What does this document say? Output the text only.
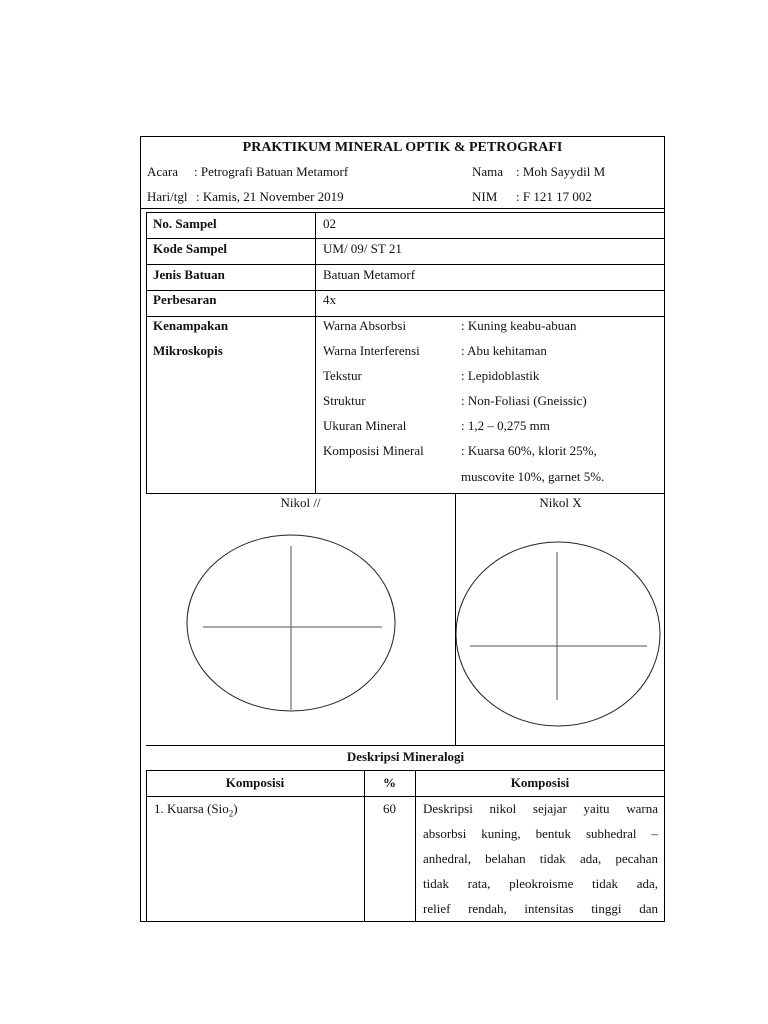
PRAKTIKUM MINERAL OPTIK & PETROGRAFI
Acara : Petrografi Batuan Metamorf	Nama : Moh Sayydil M
Hari/tgl : Kamis, 21 November 2019	NIM : F 121 17 002
No. Sampel	02
Kode Sampel	UM/ 09/ ST 21
Jenis Batuan	Batuan Metamorf
Perbesaran	4x
Kenampakan
Mikroskopis
Warna Absorbsi	: Kuning keabu-abuan
Warna Interferensi	: Abu kehitaman
Tekstur	: Lepidoblastik
Struktur	: Non-Foliasi (Gneissic)
Ukuran Mineral	: 1,2 – 0,275 mm
Komposisi Mineral	: Kuarsa 60%, klorit 25%,
muscovite 10%, garnet 5%.
Nikol //	Nikol X
Deskripsi Mineralogi
Komposisi	%	Komposisi
1. Kuarsa (Sio$_2$)	60	Deskripsi nikol sejajar yaitu warna
absorbsi kuning, bentuk subhedral –
anhedral, belahan tidak ada, pecahan
tidak rata, pleokroisme tidak ada,
relief rendah, intensitas tinggi dan
